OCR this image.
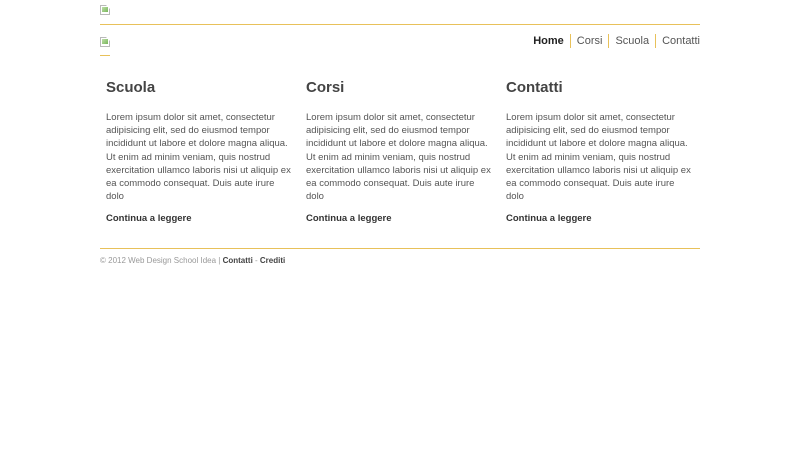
Home	Corsi	Scuola	Contatti
Scuola

Lorem ipsum dolor sit amet, consectetur adipisicing elit, sed do eiusmod tempor incididunt ut labore et dolore magna aliqua. Ut enim ad minim veniam, quis nostrud exercitation ullamco laboris nisi ut aliquip ex ea commodo consequat. Duis aute irure dolo

Continua a leggere
Corsi

Lorem ipsum dolor sit amet, consectetur adipisicing elit, sed do eiusmod tempor incididunt ut labore et dolore magna aliqua. Ut enim ad minim veniam, quis nostrud exercitation ullamco laboris nisi ut aliquip ex ea commodo consequat. Duis aute irure dolo

Continua a leggere
Contatti

Lorem ipsum dolor sit amet, consectetur adipisicing elit, sed do eiusmod tempor incididunt ut labore et dolore magna aliqua. Ut enim ad minim veniam, quis nostrud exercitation ullamco laboris nisi ut aliquip ex ea commodo consequat. Duis aute irure dolo

Continua a leggere
© 2012 Web Design School Idea | Contatti - Crediti
